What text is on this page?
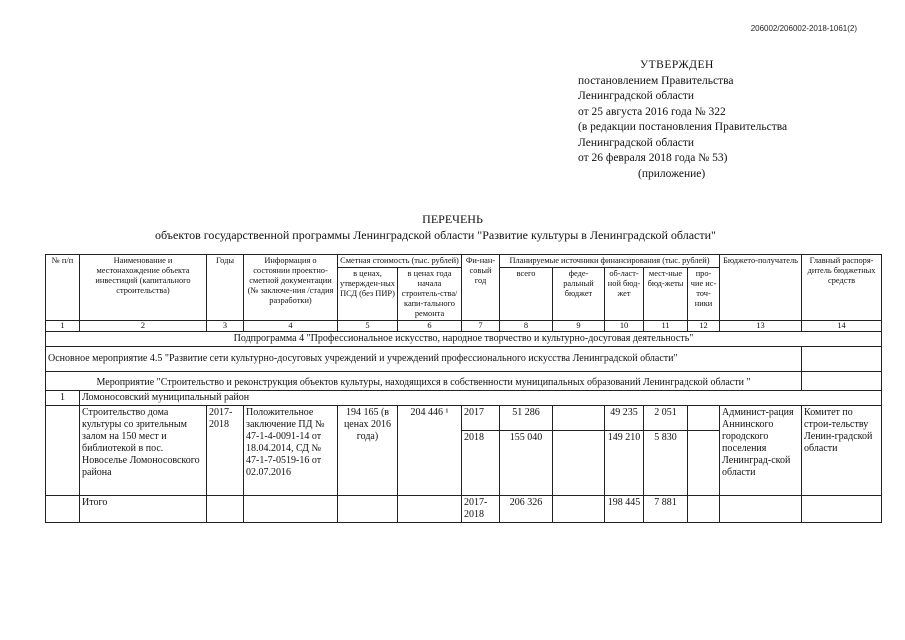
206002/206002-2018-1061(2)
УТВЕРЖДЕН
постановлением Правительства
Ленинградской области
от 25 августа 2016 года № 322
(в редакции постановления Правительства
Ленинградской области
от 26 февраля 2018 года № 53)
(приложение)
ПЕРЕЧЕНЬ
объектов государственной программы Ленинградской области "Развитие культуры в Ленинградской области"
№ п/п	Наименование и местонахождение объекта инвестиций (капитального строительства)	Годы	Информация о состоянии проектно-сметной документации (№ заключе-ния /стадия разработки)	Сметная стоимость (тыс. рублей)		Фи-нан-совый год	Планируемые источники финансирования (тыс. рублей)					Бюджето-получатель	Главный распоря-дитель бюджетных средств
				в ценах, утвержден-ных ПСД (без ПИР)	в ценах года начала строитель-ства/капи-тального ремонта		всего	феде-ральный бюджет	об-ласт-ной бюд-жет	мест-ные бюд-жеты	про-чие ис-точ-ники		
1	2	3	4	5	6	7	8	9	10	11	12	13	14
Подпрограмма 4 "Профессиональное искусство, народное творчество и культурно-досуговая деятельность"													
Основное мероприятие 4.5 "Развитие сети культурно-досуговых учреждений и учреждений профессионального искусства Ленинградской области"													
Мероприятие "Строительство и реконструкция объектов культуры, находящихся в собственности муниципальных образований Ленинградской области "													
1	Ломоносовский муниципальный район												
	Строительство дома культуры со зрительным залом на 150 мест и библиотекой в пос. Новоселье Ломоносовского района	2017-2018	Положительное заключение ПД № 47-1-4-0091-14 от 18.04.2014, СД № 47-1-7-0519-16 от 02.07.2016	194 165 (в ценах 2016 года)	204 446 ¹	2017	51 286		49 235	2 051		Админист-рация Аннинского городского поселения Ленинград-ской области	Комитет по строи-тельству Ленин-градской области
						2018	155 040		149 210	5 830			
	Итого					2017-2018	206 326		198 445	7 881			
